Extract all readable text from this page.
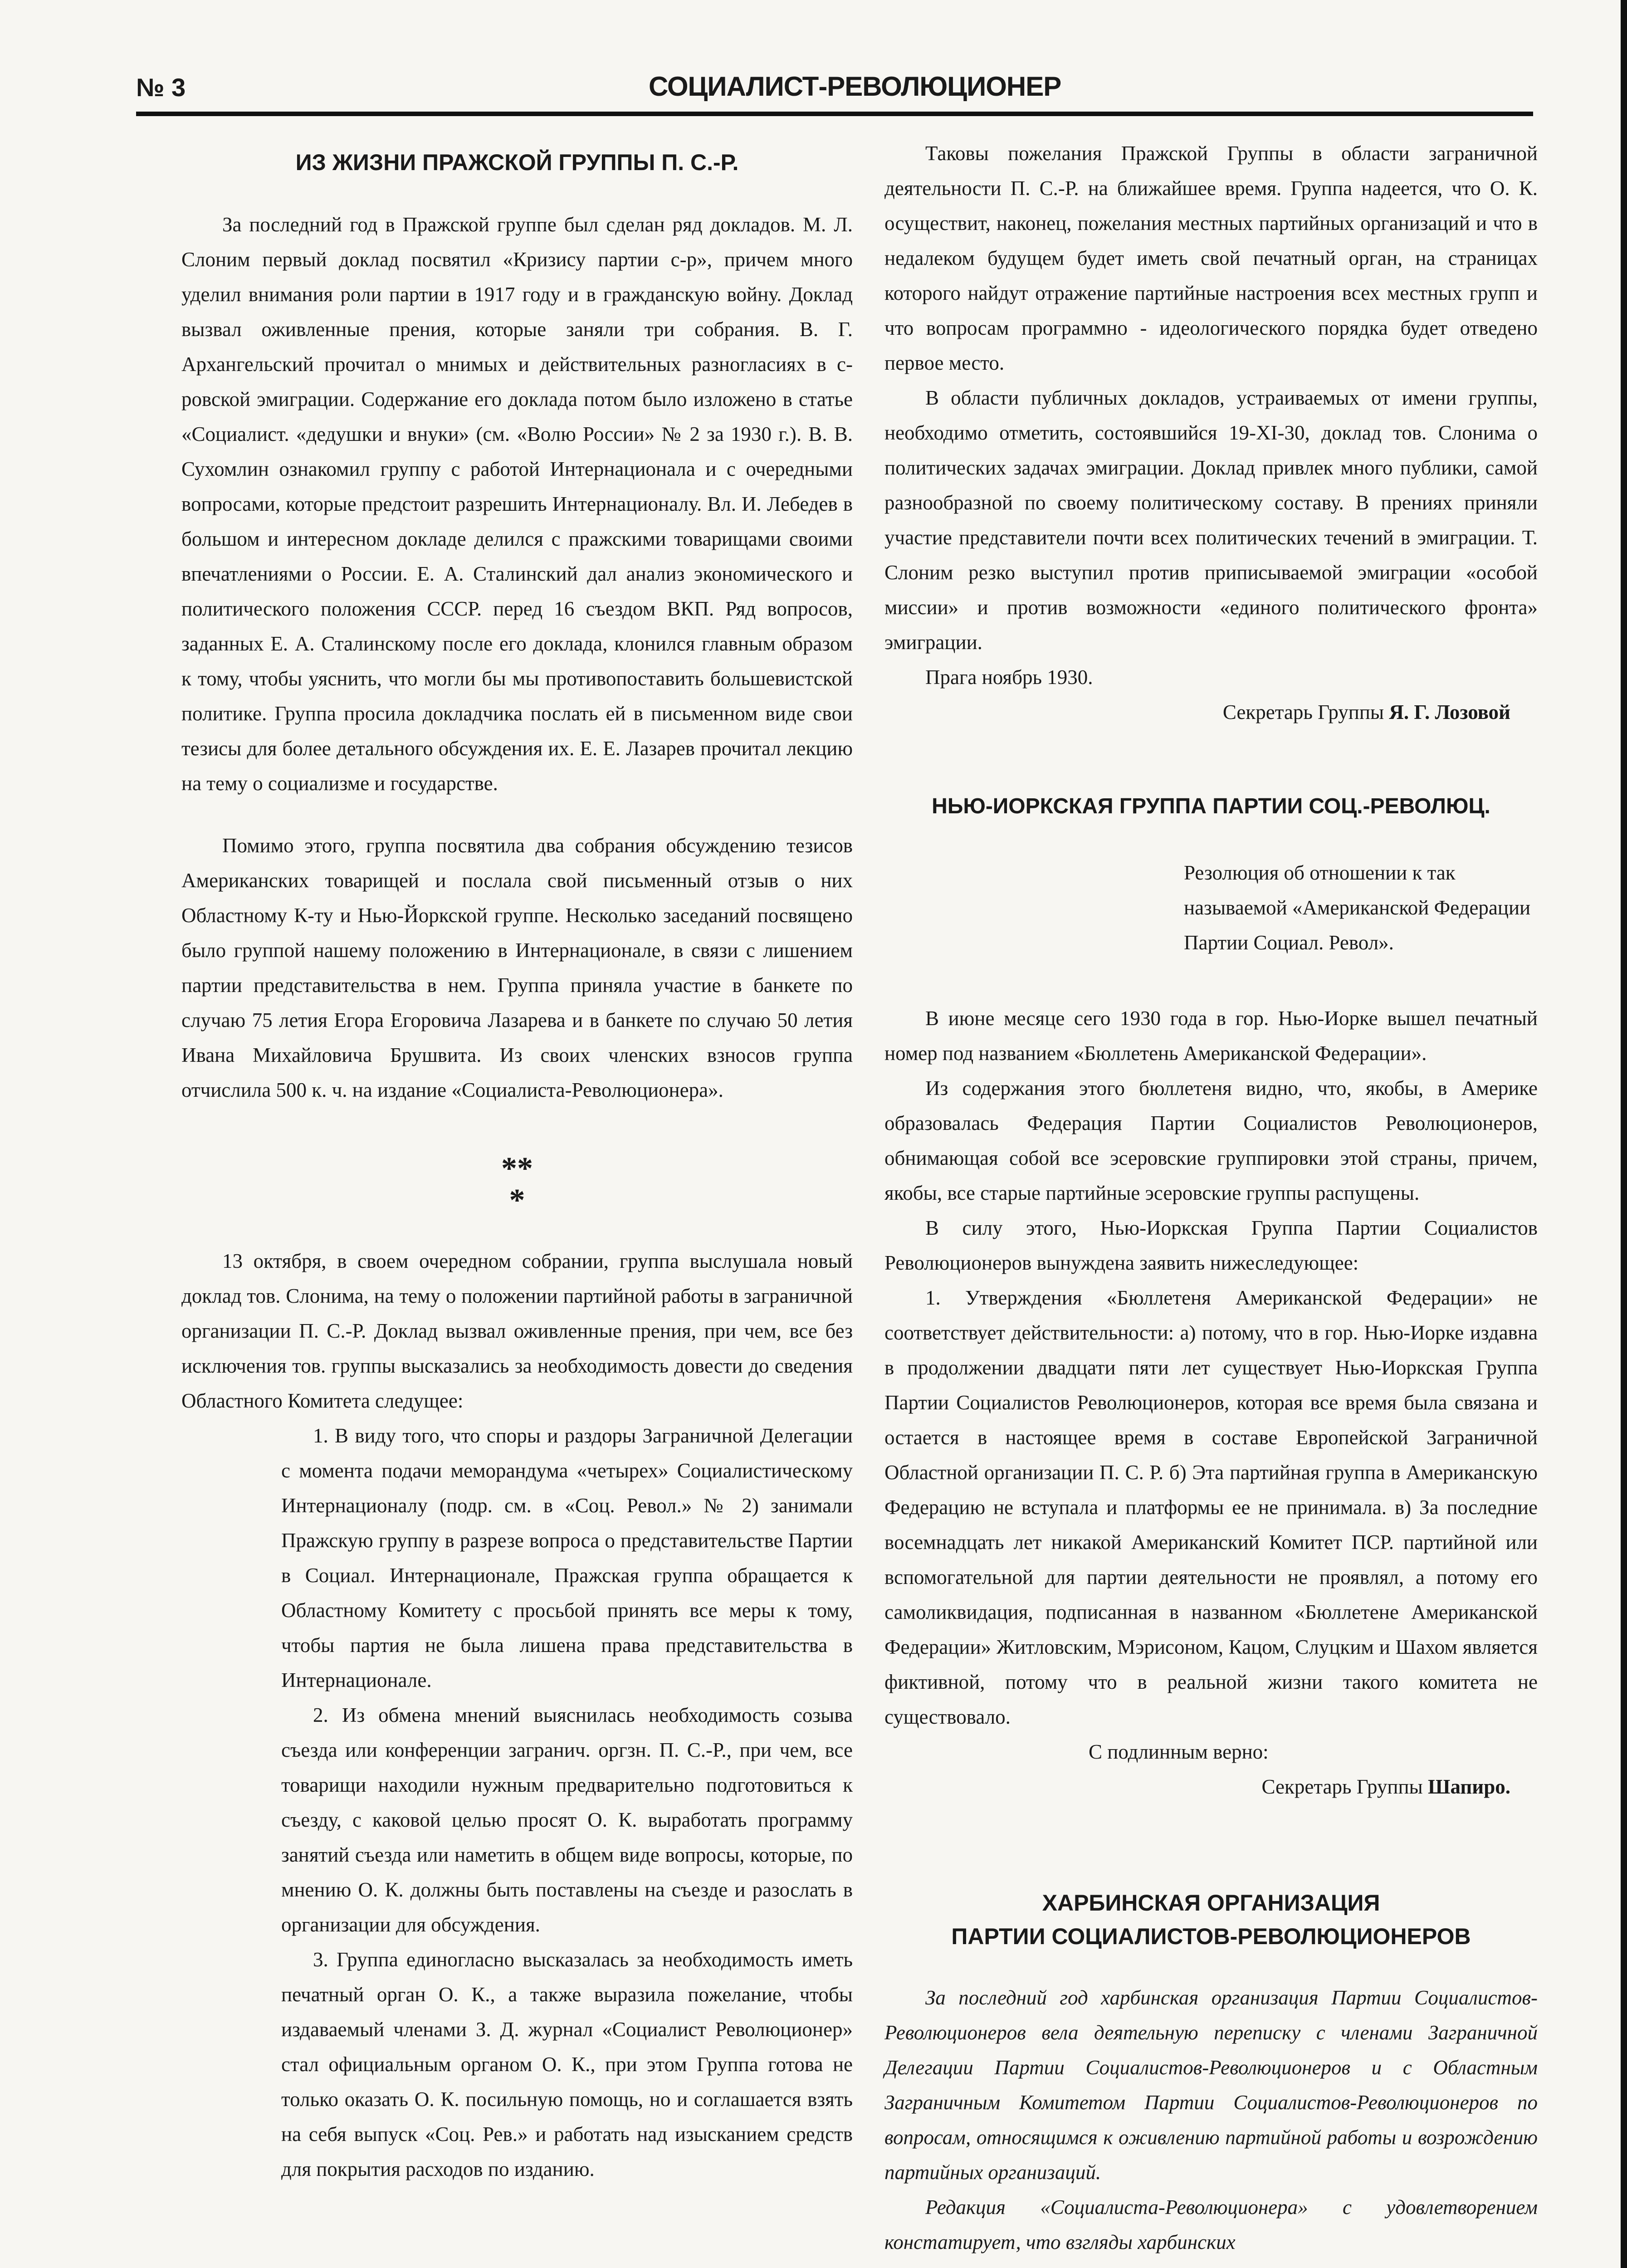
№ 3	СОЦИАЛИСТ-РЕВОЛЮЦИОНЕР
ИЗ ЖИЗНИ ПРАЖСКОЙ ГРУППЫ П. С.-Р.

За последний год в Пражской группе был сделан ряд докладов. М. Л. Слоним первый доклад посвятил «Кризису партии с-р», причем много уделил внимания роли партии в 1917 году и в гражданскую войну. Доклад вызвал оживленные прения, которые заняли три собрания. В. Г. Архангельский прочитал о мнимых и действительных разногласиях в с-ровской эмиграции. Содержание его доклада потом было изложено в статье «Социалист. «дедушки и внуки» (см. «Волю России» № 2 за 1930 г.). В. В. Сухомлин ознакомил группу с работой Интернационала и с очередными вопросами, которые предстоит разрешить Интернационалу. Вл. И. Лебедев в большом и интересном докладе делился с пражскими товарищами своими впечатлениями о России. Е. А. Сталинский дал анализ экономического и политического положения СССР. перед 16 съездом ВКП. Ряд вопросов, заданных Е. А. Сталинскому после его доклада, клонился главным образом к тому, чтобы уяснить, что могли бы мы противопоставить большевистской политике. Группа просила докладчика послать ей в письменном виде свои тезисы для более детального обсуждения их. Е. Е. Лазарев прочитал лекцию на тему о социализме и государстве.

Помимо этого, группа посвятила два собрания обсуждению тезисов Американских товарищей и послала свой письменный отзыв о них Областному К-ту и Нью-Йоркской группе. Несколько заседаний посвящено было группой нашему положению в Интернационале, в связи с лишением партии представительства в нем. Группа приняла участие в банкете по случаю 75 летия Егора Егоровича Лазарева и в банкете по случаю 50 летия Ивана Михайловича Брушвита. Из своих членских взносов группа отчислила 500 к. ч. на издание «Социалиста-Революционера».

**
*

13 октября, в своем очередном собрании, группа выслушала новый доклад тов. Слонима, на тему о положении партийной работы в заграничной организации П. С.-Р. Доклад вызвал оживленные прения, при чем, все без исключения тов. группы высказались за необходимость довести до сведения Областного Комитета следущее:

1. В виду того, что споры и раздоры Заграничной Делегации с момента подачи меморандума «четырех» Социалистическому Интернационалу (подр. см. в «Соц. Револ.» № 2) занимали Пражскую группу в разрезе вопроса о представительстве Партии в Социал. Интернационале, Пражская группа обращается к Областному Комитету с просьбой принять все меры к тому, чтобы партия не была лишена права представительства в Интернационале.

2. Из обмена мнений выяснилась необходимость созыва съезда или конференции загранич. оргзн. П. С.-Р., при чем, все товарищи находили нужным предварительно подготовиться к съезду, с каковой целью просят О. К. выработать программу занятий съезда или наметить в общем виде вопросы, которые, по мнению О. К. должны быть поставлены на съезде и разослать в организации для обсуждения.

3. Группа единогласно высказалась за необходимость иметь печатный орган О. К., а также выразила пожелание, чтобы издаваемый членами З. Д. журнал «Социалист Революционер» стал официальным органом О. К., при этом Группа готова не только оказать О. К. посильную помощь, но и соглашается взять на себя выпуск «Соц. Рев.» и работать над изысканием средств для покрытия расходов по изданию.

Таковы пожелания Пражской Группы в области заграничной деятельности П. С.-Р. на ближайшее время. Группа надеется, что О. К. осуществит, наконец, пожелания местных партийных организаций и что в недалеком будущем будет иметь свой печатный орган, на страницах которого найдут отражение партийные настроения всех местных групп и что вопросам программно - идеологического порядка будет отведено первое место.

В области публичных докладов, устраиваемых от имени группы, необходимо отметить, состоявшийся 19-XI-30, доклад тов. Слонима о политических задачах эмиграции. Доклад привлек много публики, самой разнообразной по своему политическому составу. В прениях приняли участие представители почти всех политических течений в эмиграции. Т. Слоним резко выступил против приписываемой эмиграции «особой миссии» и против возможности «единого политического фронта» эмиграции.

Прага ноябрь 1930.

Секретарь Группы Я. Г. Лозовой

НЬЮ-ИОРКСКАЯ ГРУППА ПАРТИИ СОЦ.-РЕВОЛЮЦ.

Резолюция об отношении к так называемой «Американской Федерации Партии Социал. Револ».

В июне месяце сего 1930 года в гор. Нью-Иорке вышел печатный номер под названием «Бюллетень Американской Федерации».

Из содержания этого бюллетеня видно, что, якобы, в Америке образовалась Федерация Партии Социалистов Революционеров, обнимающая собой все эсеровские группировки этой страны, причем, якобы, все старые партийные эсеровские группы распущены.

В силу этого, Нью-Иоркская Группа Партии Социалистов Революционеров вынуждена заявить нижеследующее:

1. Утверждения «Бюллетеня Американской Федерации» не соответствует действительности: а) потому, что в гор. Нью-Иорке издавна в продолжении двадцати пяти лет существует Нью-Иоркская Группа Партии Социалистов Революционеров, которая все время была связана и остается в настоящее время в составе Европейской Заграничной Областной организации П. С. Р. б) Эта партийная группа в Американскую Федерацию не вступала и платформы ее не принимала. в) За последние восемнадцать лет никакой Американский Комитет ПСР. партийной или вспомогательной для партии деятельности не проявлял, а потому его самоликвидация, подписанная в названном «Бюллетене Американской Федерации» Житловским, Мэрисоном, Кацом, Слуцким и Шахом является фиктивной, потому что в реальной жизни такого комитета не существовало.

С подлинным верно:

Секретарь Группы Шапиро.

ХАРБИНСКАЯ ОРГАНИЗАЦИЯ
ПАРТИИ СОЦИАЛИСТОВ-РЕВОЛЮЦИОНЕРОВ

За последний год харбинская организация Партии Социалистов-Революционеров вела деятельную переписку с членами Заграничной Делегации Партии Социалистов-Революционеров и с Областным Заграничным Комитетом Партии Социалистов-Революционеров по вопросам, относящимся к оживлению партийной работы и возрождению партийных организаций.

Редакция «Социалиста-Революционера» с удовлетворением констатирует, что взгляды харбинских
